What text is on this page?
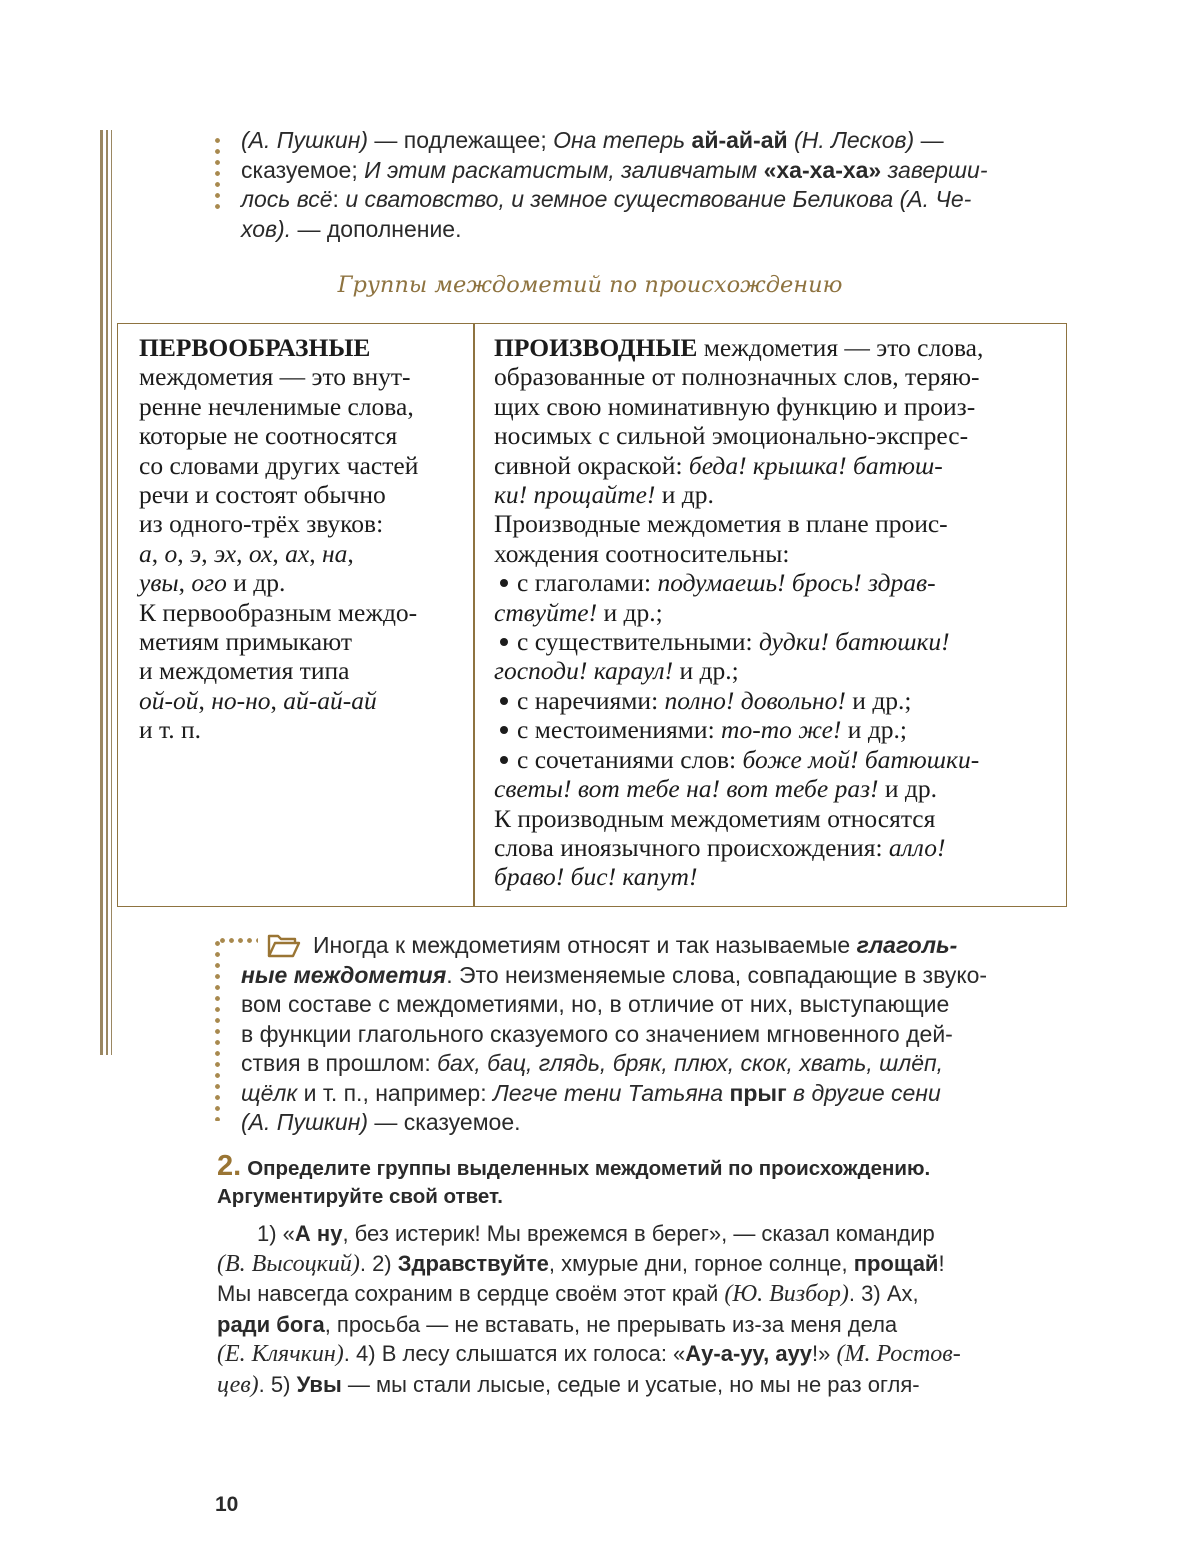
(А. Пушкин) — подлежащее; Она теперь ай-ай-ай (Н. Лесков) —
сказуемое; И этим раскатистым, заливчатым «ха-ха-ха» заверши-
лось всё: и сватовство, и земное существование Беликова (А. Че-
хов). — дополнение.
Группы междометий по происхождению
ПЕРВООБРАЗНЫЕ
междометия — это внут-
ренне нечленимые слова,
которые не соотносятся
со словами других частей
речи и состоят обычно
из одного-трёх звуков:
а, о, э, эх, ох, ах, на,
увы, ого и др.
К первообразным междо-
метиям примыкают
и междометия типа
ой-ой, но-но, ай-ай-ай
и т. п.
ПРОИЗВОДНЫЕ междометия — это слова,
образованные от полнозначных слов, теряю-
щих свою номинативную функцию и произ-
носимых с сильной эмоционально-экспрес-
сивной окраской: беда! крышка! батюш-
ки! прощайте! и др.
Производные междометия в плане проис-
хождения соотносительны:
с глаголами: подумаешь! брось! здрав-
ствуйте! и др.;
с существительными: дудки! батюшки!
господи! караул! и др.;
с наречиями: полно! довольно! и др.;
с местоимениями: то-то же! и др.;
с сочетаниями слов: боже мой! батюшки-
светы! вот тебе на! вот тебе раз! и др.
К производным междометиям относятся
слова иноязычного происхождения: алло!
браво! бис! капут!
Иногда к междометиям относят и так называемые глаголь-
ные междометия. Это неизменяемые слова, совпадающие в звуко-
вом составе с междометиями, но, в отличие от них, выступающие
в функции глагольного сказуемого со значением мгновенного дей-
ствия в прошлом: бах, бац, глядь, бряк, плюх, скок, хвать, шлёп,
щёлк и т. п., например: Легче тени Татьяна прыг в другие сени
(А. Пушкин) — сказуемое.
2. Определите группы выделенных междометий по происхождению.
Аргументируйте свой ответ.
1) «А ну, без истерик! Мы врежемся в берег», — сказал командир
(В. Высоцкий). 2) Здравствуйте, хмурые дни, горное солнце, прощай!
Мы навсегда сохраним в сердце своём этот край (Ю. Визбор). 3) Ах,
ради бога, просьба — не вставать, не прерывать из-за меня дела
(Е. Клячкин). 4) В лесу слышатся их голоса: «Ау-а-уу, ауу!» (М. Ростов-
цев). 5) Увы — мы стали лысые, седые и усатые, но мы не раз огля-
10
